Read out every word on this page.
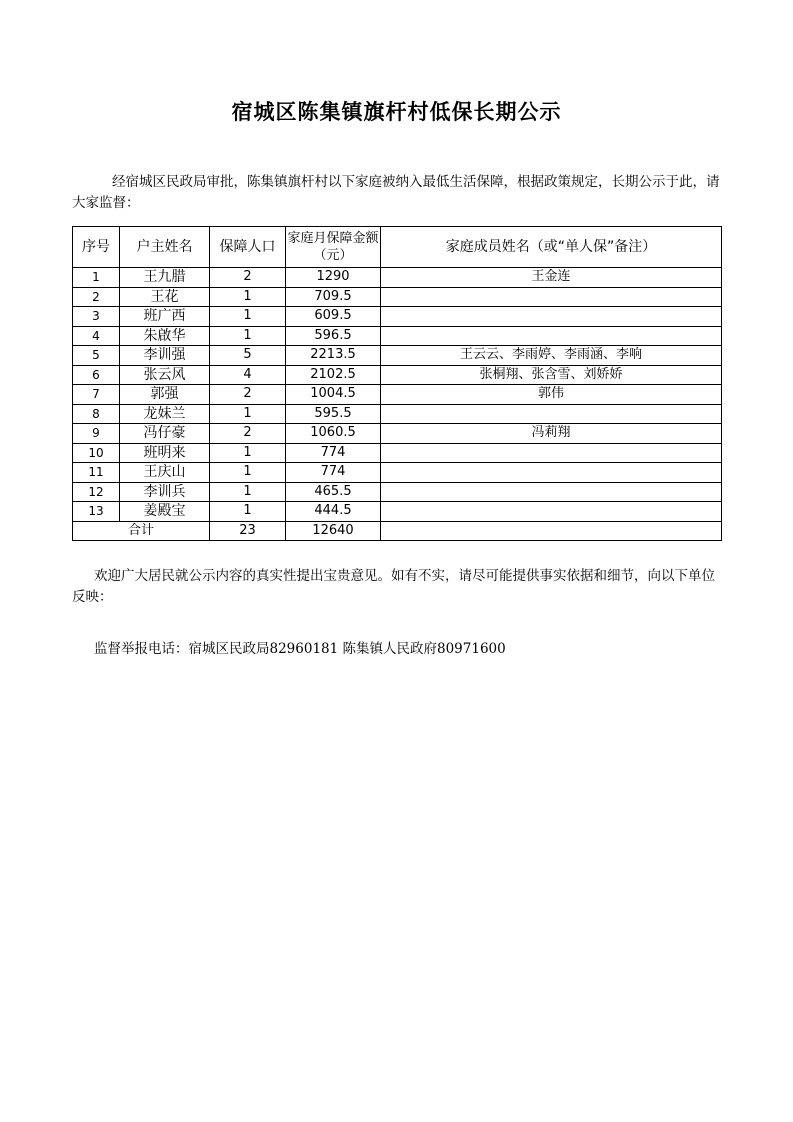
宿城区陈集镇旗杆村低保长期公示
经宿城区民政局审批，陈集镇旗杆村以下家庭被纳入最低生活保障，根据政策规定，长期公示于此，请大家监督：
序号	户主姓名	保障人口	家庭月保障金额（元）	家庭成员姓名（或“单人保”备注）
1	王九腊	2	1290	王金连
2	王花	1	709.5	
3	班广西	1	609.5	
4	朱啟华	1	596.5	
5	李训强	5	2213.5	王云云、李雨婷、李雨涵、李响
6	张云风	4	2102.5	张桐翔、张含雪、刘娇娇
7	郭强	2	1004.5	郭伟
8	龙妹兰	1	595.5	
9	冯仔豪	2	1060.5	冯莉翔
10	班明来	1	774	
11	王庆山	1	774	
12	李训兵	1	465.5	
13	姜殿宝	1	444.5	
合计		23	12640	
欢迎广大居民就公示内容的真实性提出宝贵意见。如有不实，请尽可能提供事实依据和细节，向以下单位反映：
监督举报电话：宿城区民政局82960181 陈集镇人民政府80971600
